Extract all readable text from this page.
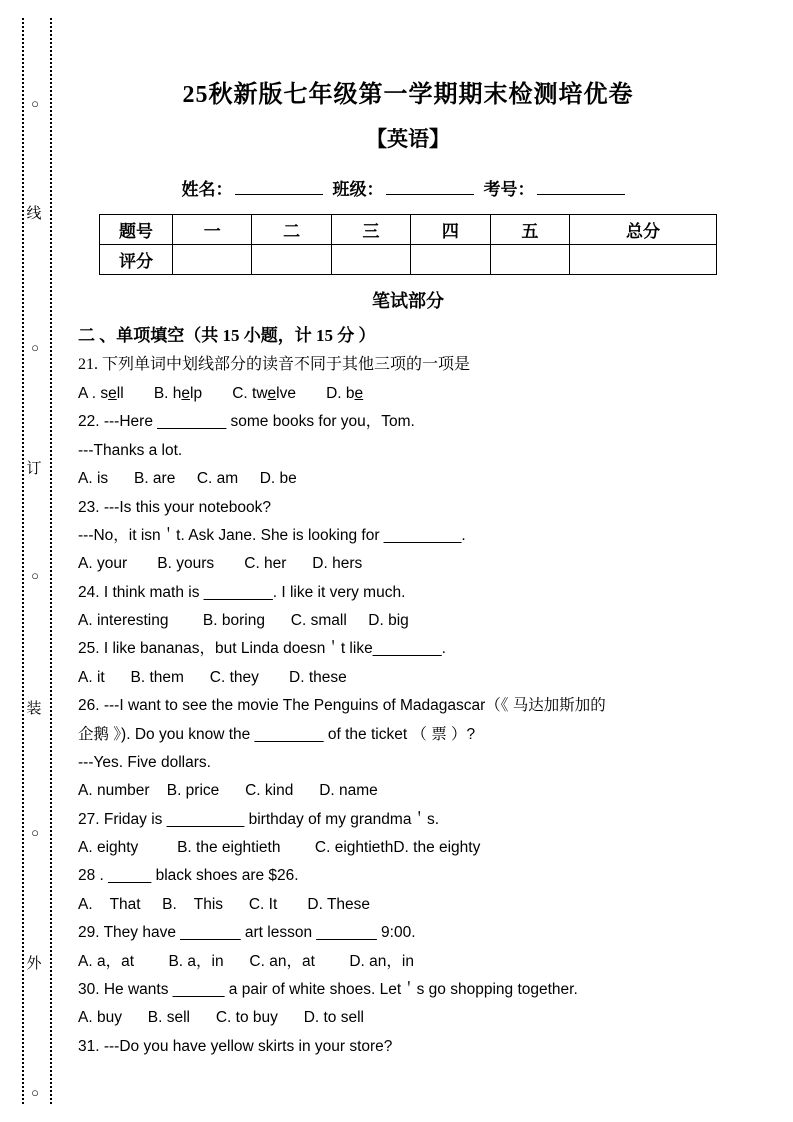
○
线
○
订
○
装
○
外
○
25秋新版七年级第一学期期末检测培优卷
【英语】
姓名：	班级：	考号：
题号	一	二	三	四	五	总分
评分						
笔试部分
二 、单项填空（共 15 小题，计 15 分 ）
21. 下列单词中划线部分的读音不同于其他三项的一项是
A . sell       B. help       C. twelve       D. be
22. ---Here ________ some books for you，Tom.
---Thanks a lot.
A. is      B. are     C. am     D. be
23. ---Is this your notebook?
---No，it isn＇t. Ask Jane. She is looking for _________.
A. your       B. yours       C. her      D. hers
24. I think math is ________. I like it very much.
A. interesting        B. boring      C. small     D. big
25. I like bananas，but Linda doesn＇t like________.
A. it      B. them      C. they       D. these
26. ---I want to see the movie The Penguins of Madagascar（《 马达加斯加的
企鹅 》). Do you know the ________ of the ticket （ 票 ）?
---Yes. Five dollars.
A. number    B. price      C. kind      D. name
27. Friday is _________ birthday of my grandma＇s.
A. eighty         B. the eightieth        C. eightiethD. the eighty
28 . _____ black shoes are $26.
A.    That     B.    This      C. It       D. These
29. They have _______ art lesson _______ 9:00.
A. a，at        B. a，in      C. an，at        D. an，in
30. He wants ______ a pair of white shoes. Let＇s go shopping together.
A. buy      B. sell      C. to buy      D. to sell
31. ---Do you have yellow skirts in your store?
